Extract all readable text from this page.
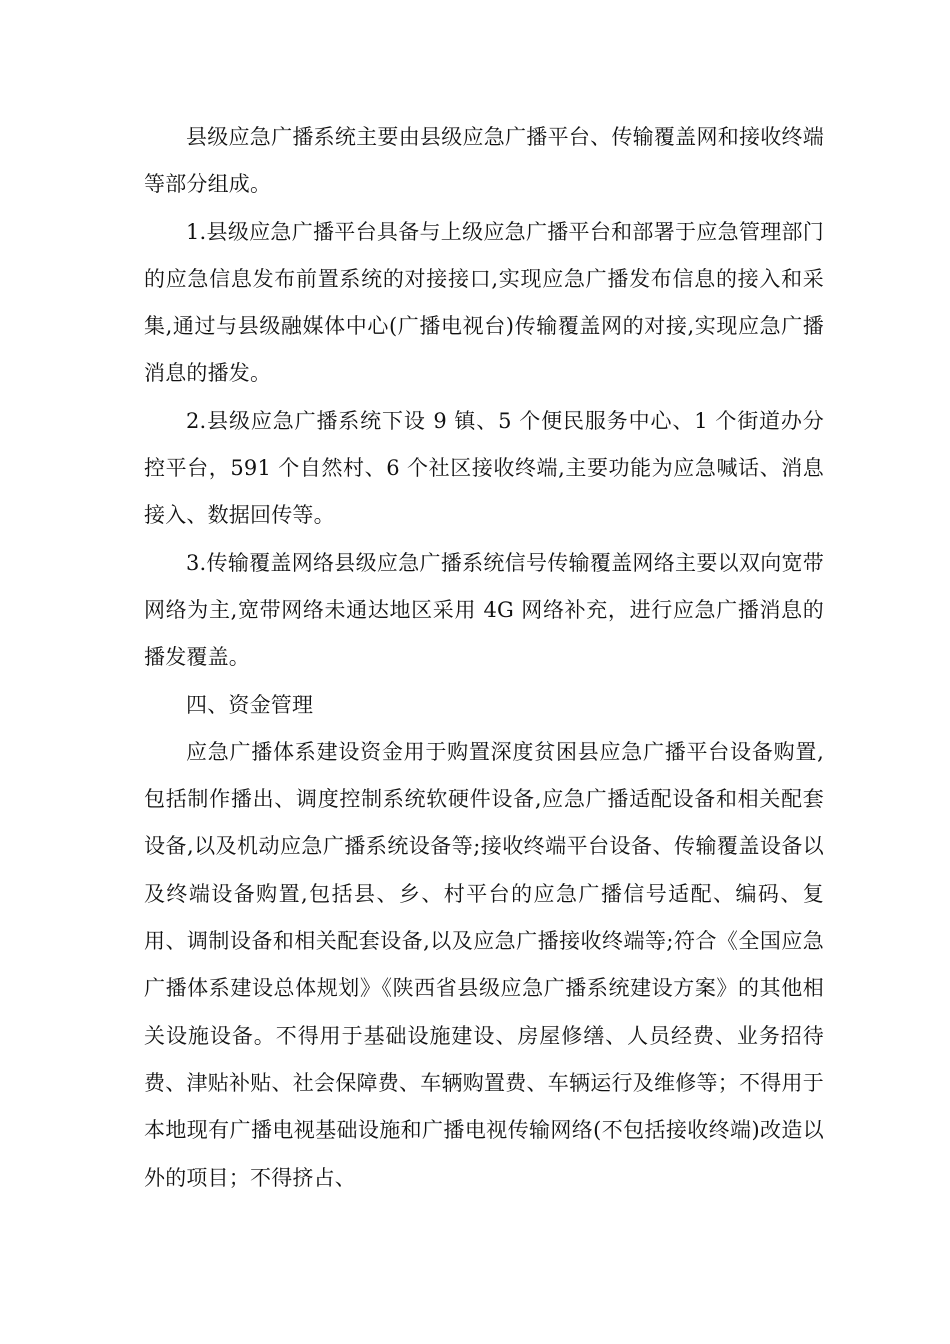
县级应急广播系统主要由县级应急广播平台、传输覆盖网和接收终端等部分组成。

1.县级应急广播平台具备与上级应急广播平台和部署于应急管理部门的应急信息发布前置系统的对接接口,实现应急广播发布信息的接入和采集,通过与县级融媒体中心(广播电视台)传输覆盖网的对接,实现应急广播消息的播发。

2.县级应急广播系统下设 9 镇、5 个便民服务中心、1 个街道办分控平台，591 个自然村、6 个社区接收终端,主要功能为应急喊话、消息接入、数据回传等。

3.传输覆盖网络县级应急广播系统信号传输覆盖网络主要以双向宽带网络为主,宽带网络未通达地区采用 4G 网络补充，进行应急广播消息的播发覆盖。

四、资金管理

应急广播体系建设资金用于购置深度贫困县应急广播平台设备购置,包括制作播出、调度控制系统软硬件设备,应急广播适配设备和相关配套设备,以及机动应急广播系统设备等;接收终端平台设备、传输覆盖设备以及终端设备购置,包括县、乡、村平台的应急广播信号适配、编码、复用、调制设备和相关配套设备,以及应急广播接收终端等;符合《全国应急广播体系建设总体规划》《陕西省县级应急广播系统建设方案》的其他相关设施设备。不得用于基础设施建设、房屋修缮、人员经费、业务招待费、津贴补贴、社会保障费、车辆购置费、车辆运行及维修等；不得用于本地现有广播电视基础设施和广播电视传输网络(不包括接收终端)改造以外的项目；不得挤占、
